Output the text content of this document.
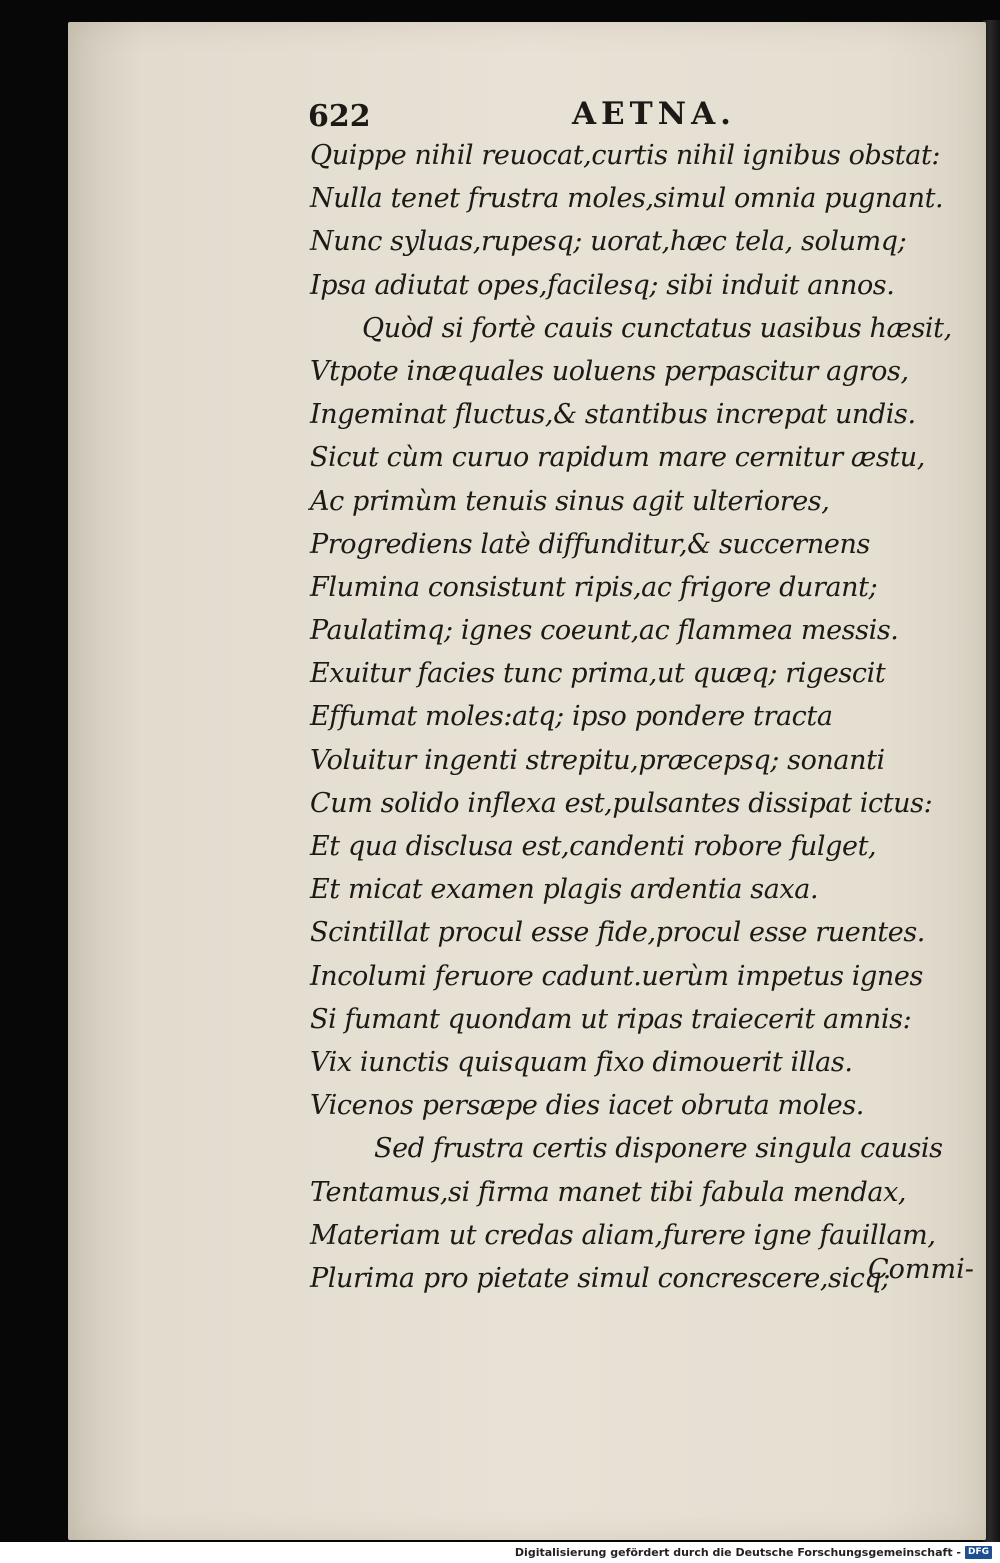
622	AETNA.

Quippe nihil reuocat,curtis nihil ignibus obstat:
Nulla tenet frustra moles,simul omnia pugnant.
Nunc syluas,rupesq; uorat,hæc tela, solumq;
Ipsa adiutat opes,facilesq; sibi induit annos.
Quòd si fortè cauis cunctatus uasibus hæsit,
Vtpote inæquales uoluens perpascitur agros,
Ingeminat fluctus,& stantibus increpat undis.
Sicut cùm curuo rapidum mare cernitur æstu,
Ac primùm tenuis sinus agit ulteriores,
Progrediens latè diffunditur,& succernens
Flumina consistunt ripis,ac frigore durant;
Paulatimq; ignes coeunt,ac flammea messis.
Exuitur facies tunc prima,ut quæq; rigescit
Effumat moles:atq; ipso pondere tracta
Voluitur ingenti strepitu,præcepsq; sonanti
Cum solido inflexa est,pulsantes dissipat ictus:
Et qua disclusa est,candenti robore fulget,
Et micat examen plagis ardentia saxa.
Scintillat procul esse fide,procul esse ruentes.
Incolumi feruore cadunt.uerùm impetus ignes
Si fumant quondam ut ripas traiecerit amnis:
Vix iunctis quisquam fixo dimouerit illas.
Vicenos persæpe dies iacet obruta moles.
Sed frustra certis disponere singula causis
Tentamus,si firma manet tibi fabula mendax,
Materiam ut credas aliam,furere igne fauillam,
Plurima pro pietate simul concrescere,sicq;

Commi-

Digitalisierung gefördert durch die Deutsche Forschungsgemeinschaft - DFG
